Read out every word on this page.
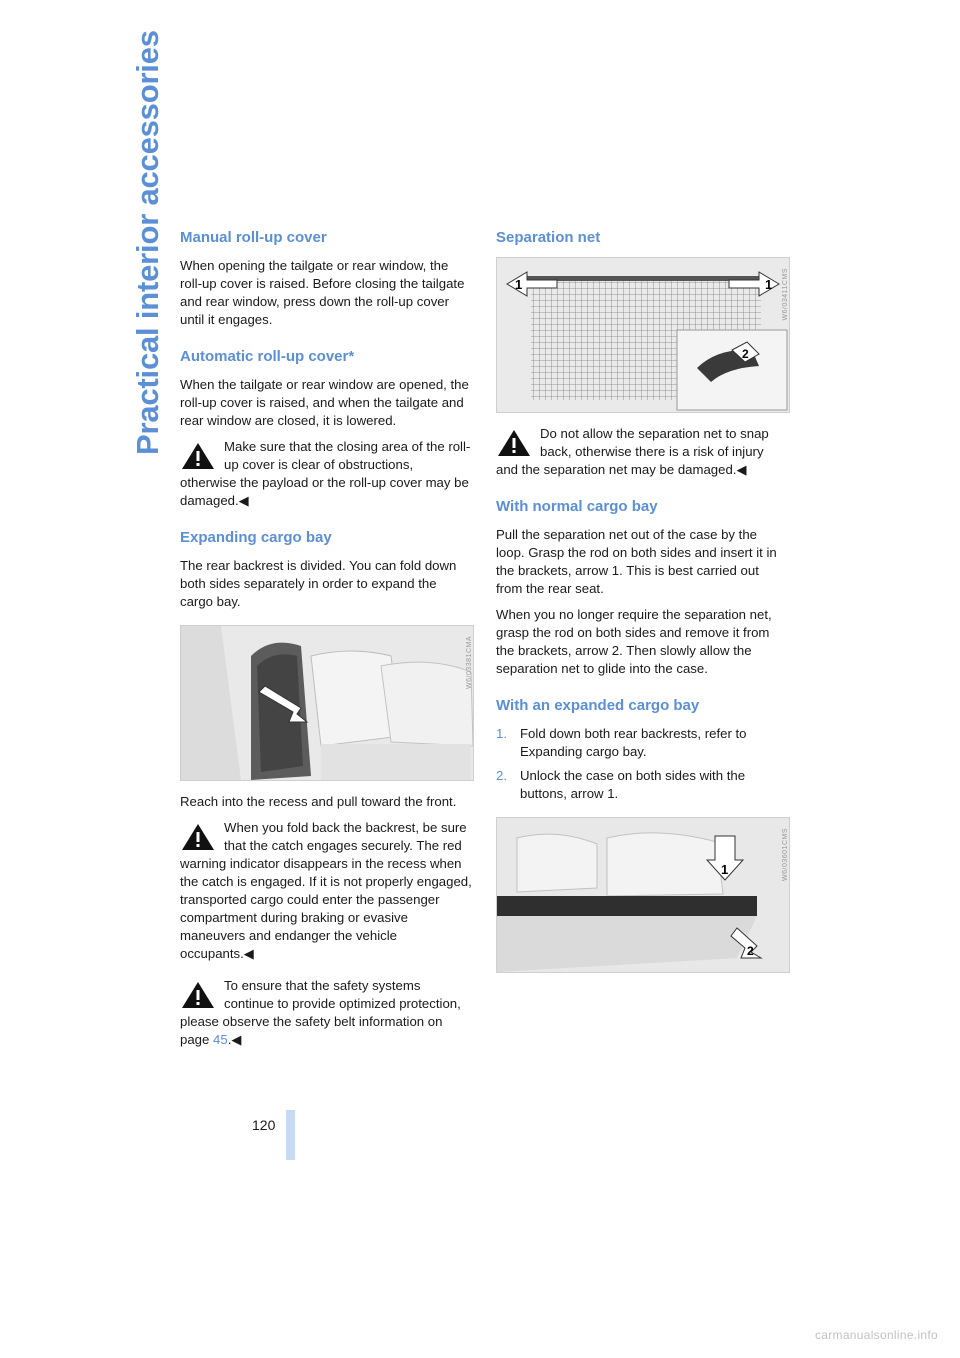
Practical interior accessories	Manual roll-up cover

When opening the tailgate or rear window, the roll-up cover is raised. Before closing the tailgate and rear window, press down the roll-up cover until it engages.

Automatic roll-up cover*

When the tailgate or rear window are opened, the roll-up cover is raised, and when the tailgate and rear window are closed, it is lowered.

Make sure that the closing area of the roll-up cover is clear of obstructions, otherwise the payload or the roll-up cover may be damaged.◀
Expanding cargo bay

The rear backrest is divided. You can fold down both sides separately in order to expand the cargo bay.

W6/03381CMA

Reach into the recess and pull toward the front.

When you fold back the backrest, be sure that the catch engages securely. The red warning indicator disappears in the recess when the catch is engaged. If it is not properly engaged, transported cargo could enter the passenger compartment during braking or evasive maneuvers and endanger the vehicle occupants.◀
To ensure that the safety systems continue to provide optimized protection, please observe the safety belt information on page 45.◀
Separation net
1	1
2
W6/03411CMS
Do not allow the separation net to snap back, otherwise there is a risk of injury and the separation net may be damaged.◀
With normal cargo bay

Pull the separation net out of the case by the loop. Grasp the rod on both sides and insert it in the brackets, arrow 1. This is best carried out from the rear seat.

When you no longer require the separation net, grasp the rod on both sides and remove it from the brackets, arrow 2. Then slowly allow the separation net to glide into the case.

With an expanded cargo bay
1. Fold down both rear backrests, refer to Expanding cargo bay.
2. Unlock the case on both sides with the buttons, arrow 1.
1
2
W6/03601CMS
120
carmanualsonline.info
